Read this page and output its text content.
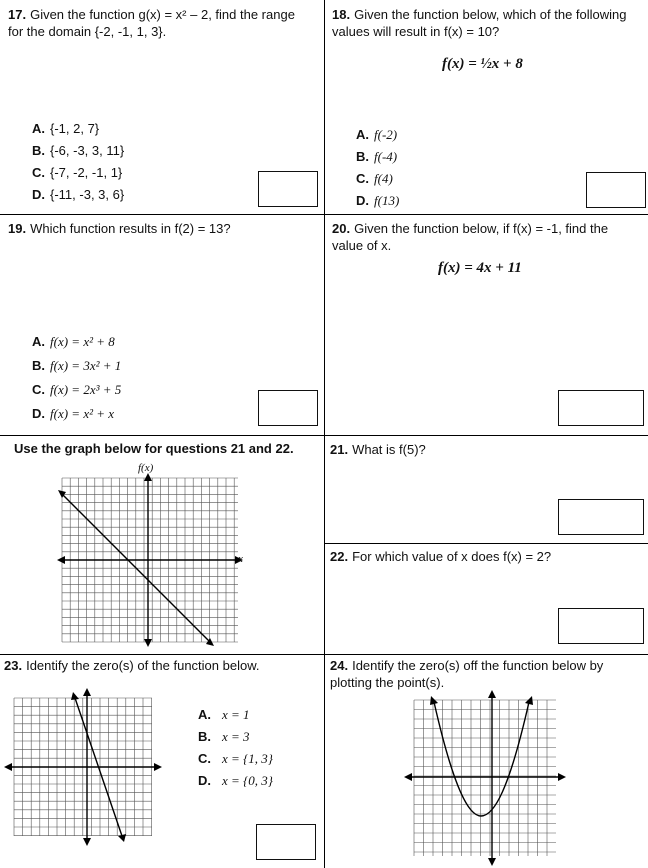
17. Given the function g(x) = x² – 2, find the range for the domain {-2, -1, 1, 3}.
A. {-1, 2, 7}
B. {-6, -3, 3, 11}
C. {-7, -2, -1, 1}
D. {-11, -3, 3, 6}
18. Given the function below, which of the following values will result in f(x) = 10?
f(x) = ½x + 8
A. f(-2)
B. f(-4)
C. f(4)
D. f(13)
19. Which function results in f(2) = 13?
A. f(x) = x² + 8
B. f(x) = 3x² + 1
C. f(x) = 2x³ + 5
D. f(x) = x² + x
20. Given the function below, if f(x) = -1, find the value of x.
f(x) = 4x + 11
Use the graph below for questions 21 and 22.
f(x)
x
21. What is f(5)?
22. For which value of x does f(x) = 2?
23. Identify the zero(s) of the function below.
A. x = 1
B. x = 3
C. x = {1, 3}
D. x = {0, 3}
24. Identify the zero(s) off the function below by plotting the point(s).
